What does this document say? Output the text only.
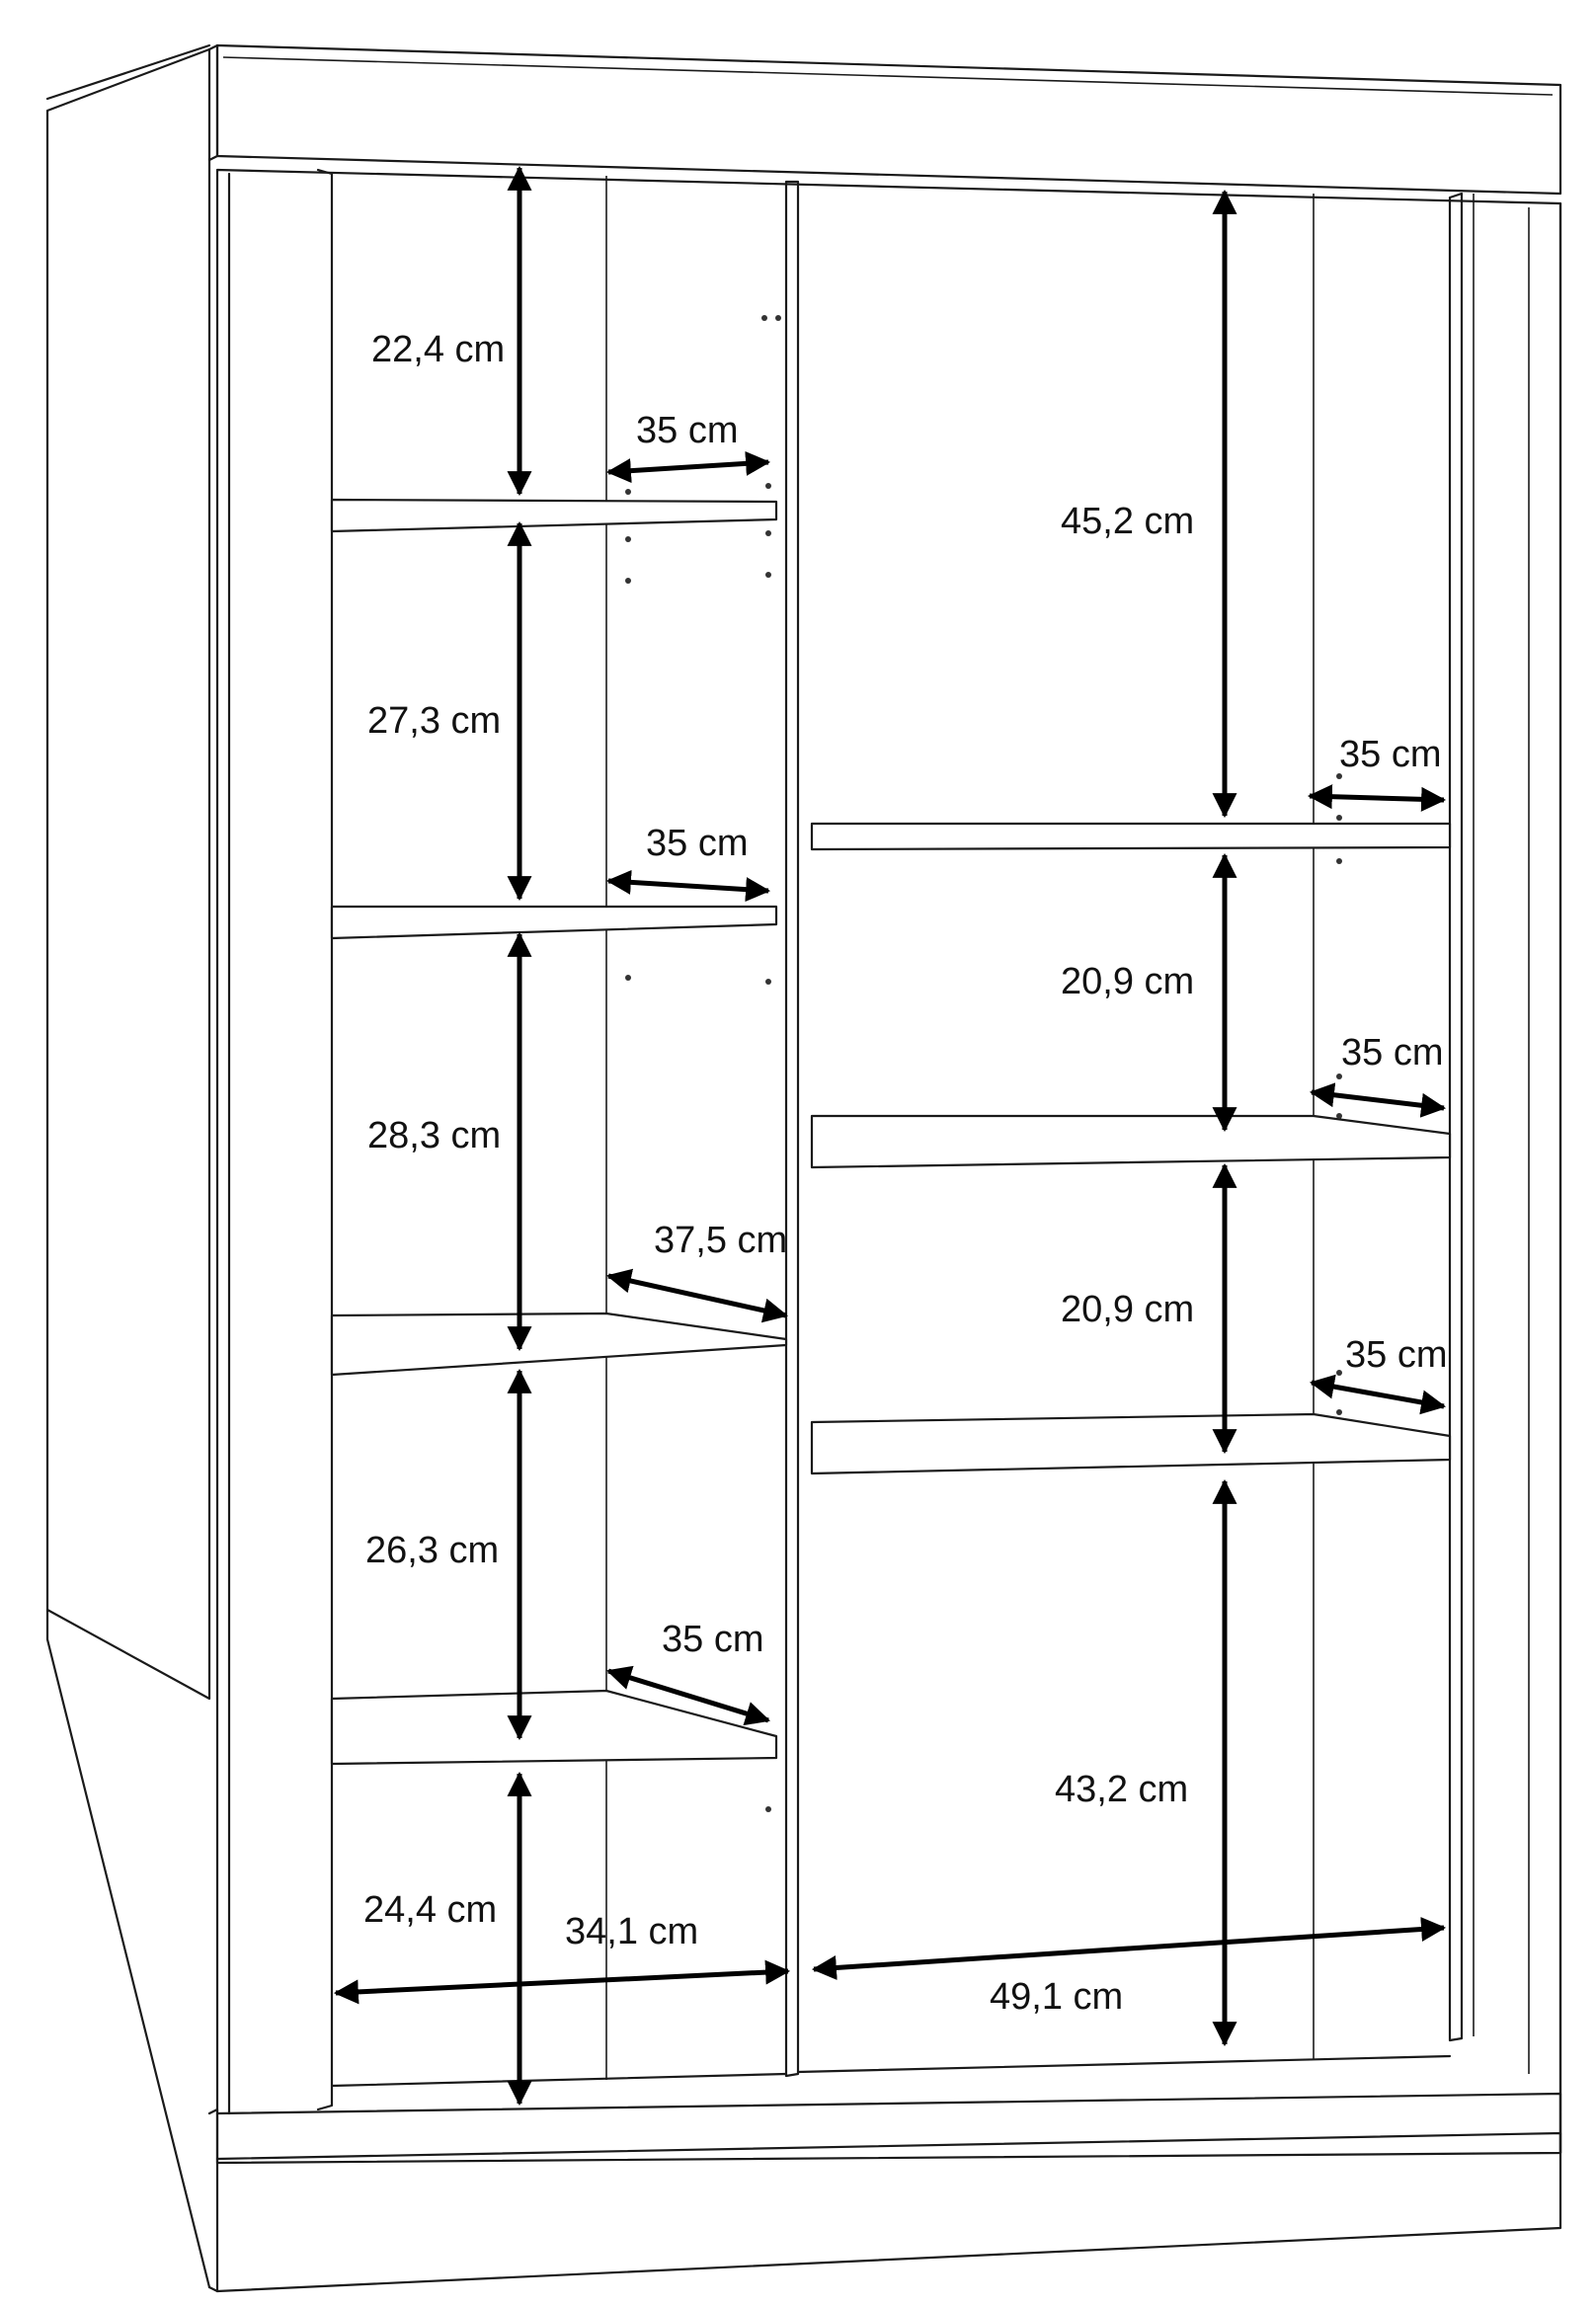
22,4 cm
27,3 cm
28,3 cm
26,3 cm
24,4 cm
35 cm
35 cm
37,5 cm
35 cm
34,1 cm
45,2 cm
20,9 cm
20,9 cm
43,2 cm
35 cm
35 cm
35 cm
49,1 cm
